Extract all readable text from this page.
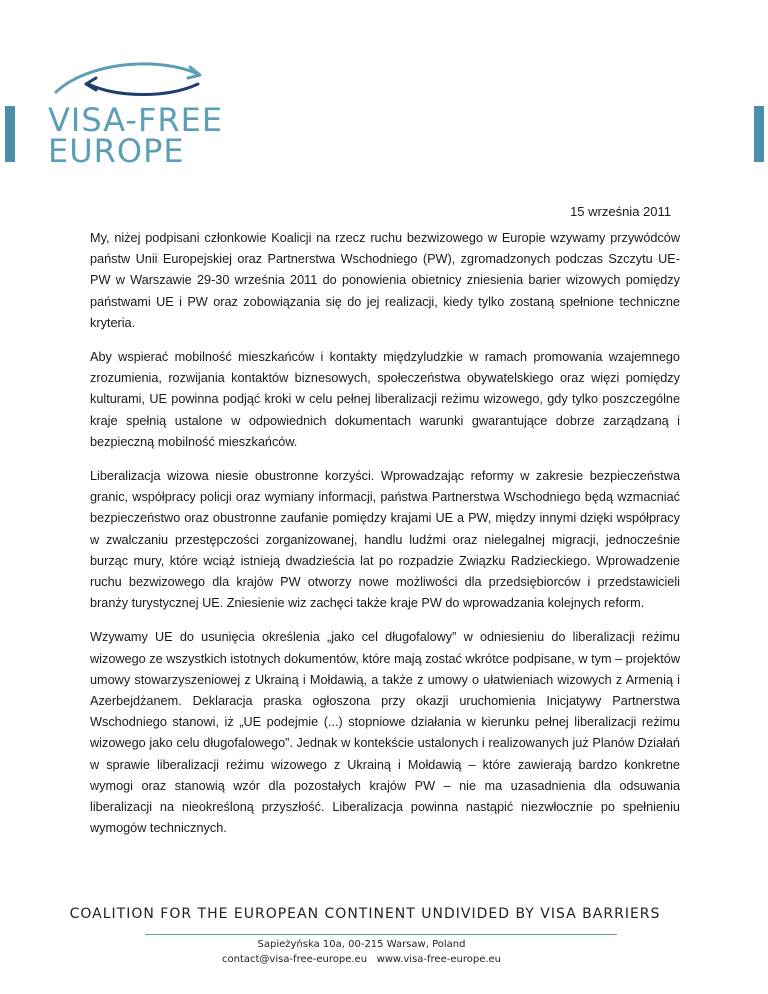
VISA-FREE
EUROPE
15 września 2011

My, niżej podpisani członkowie Koalicji na rzecz ruchu bezwizowego w Europie wzywamy przywódców państw Unii Europejskiej oraz Partnerstwa Wschodniego (PW), zgromadzonych podczas Szczytu UE-PW w Warszawie 29-30 września 2011 do ponowienia obietnicy zniesienia barier wizowych pomiędzy państwami UE i PW oraz zobowiązania się do jej realizacji, kiedy tylko zostaną spełnione techniczne kryteria.

Aby wspierać mobilność mieszkańców i kontakty międzyludzkie w ramach promowania wzajemnego zrozumienia, rozwijania kontaktów biznesowych, społeczeństwa obywatelskiego oraz więzi pomiędzy kulturami, UE powinna podjąć kroki w celu pełnej liberalizacji reżimu wizowego, gdy tylko poszczególne kraje spełnią ustalone w odpowiednich dokumentach warunki gwarantujące dobrze zarządzaną i bezpieczną mobilność mieszkańców.

Liberalizacja wizowa niesie obustronne korzyści. Wprowadzając reformy w zakresie bezpieczeństwa granic, współpracy policji oraz wymiany informacji, państwa Partnerstwa Wschodniego będą wzmacniać bezpieczeństwo oraz obustronne zaufanie pomiędzy krajami UE a PW, między innymi dzięki współpracy w zwalczaniu przestępczości zorganizowanej, handlu ludźmi oraz nielegalnej migracji, jednocześnie burząc mury, które wciąż istnieją dwadzieścia lat po rozpadzie Związku Radzieckiego. Wprowadzenie ruchu bezwizowego dla krajów PW otworzy nowe możliwości dla przedsiębiorców i przedstawicieli branży turystycznej UE. Zniesienie wiz zachęci także kraje PW do wprowadzania kolejnych reform.

Wzywamy UE do usunięcia określenia „jako cel długofalowy” w odniesieniu do liberalizacji reżimu wizowego ze wszystkich istotnych dokumentów, które mają zostać wkrótce podpisane, w tym – projektów umowy stowarzyszeniowej z Ukrainą i Mołdawią, a także z umowy o ułatwieniach wizowych z Armenią i Azerbejdżanem. Deklaracja praska ogłoszona przy okazji uruchomienia Inicjatywy Partnerstwa Wschodniego stanowi, iż „UE podejmie (...) stopniowe działania w kierunku pełnej liberalizacji reżimu wizowego jako celu długofalowego”. Jednak w kontekście ustalonych i realizowanych już Planów Działań w sprawie liberalizacji reżimu wizowego z Ukrainą i Mołdawią – które zawierają bardzo konkretne wymogi oraz stanowią wzór dla pozostałych krajów PW – nie ma uzasadnienia dla odsuwania liberalizacji na nieokreśloną przyszłość. Liberalizacja powinna nastąpić niezwłocznie po spełnieniu wymogów technicznych.

COALITION FOR THE EUROPEAN CONTINENT UNDIVIDED BY VISA BARRIERS
Sapieżyńska 10a, 00-215 Warsaw, Poland
contact@visa-free-europe.eu   www.visa-free-europe.eu
